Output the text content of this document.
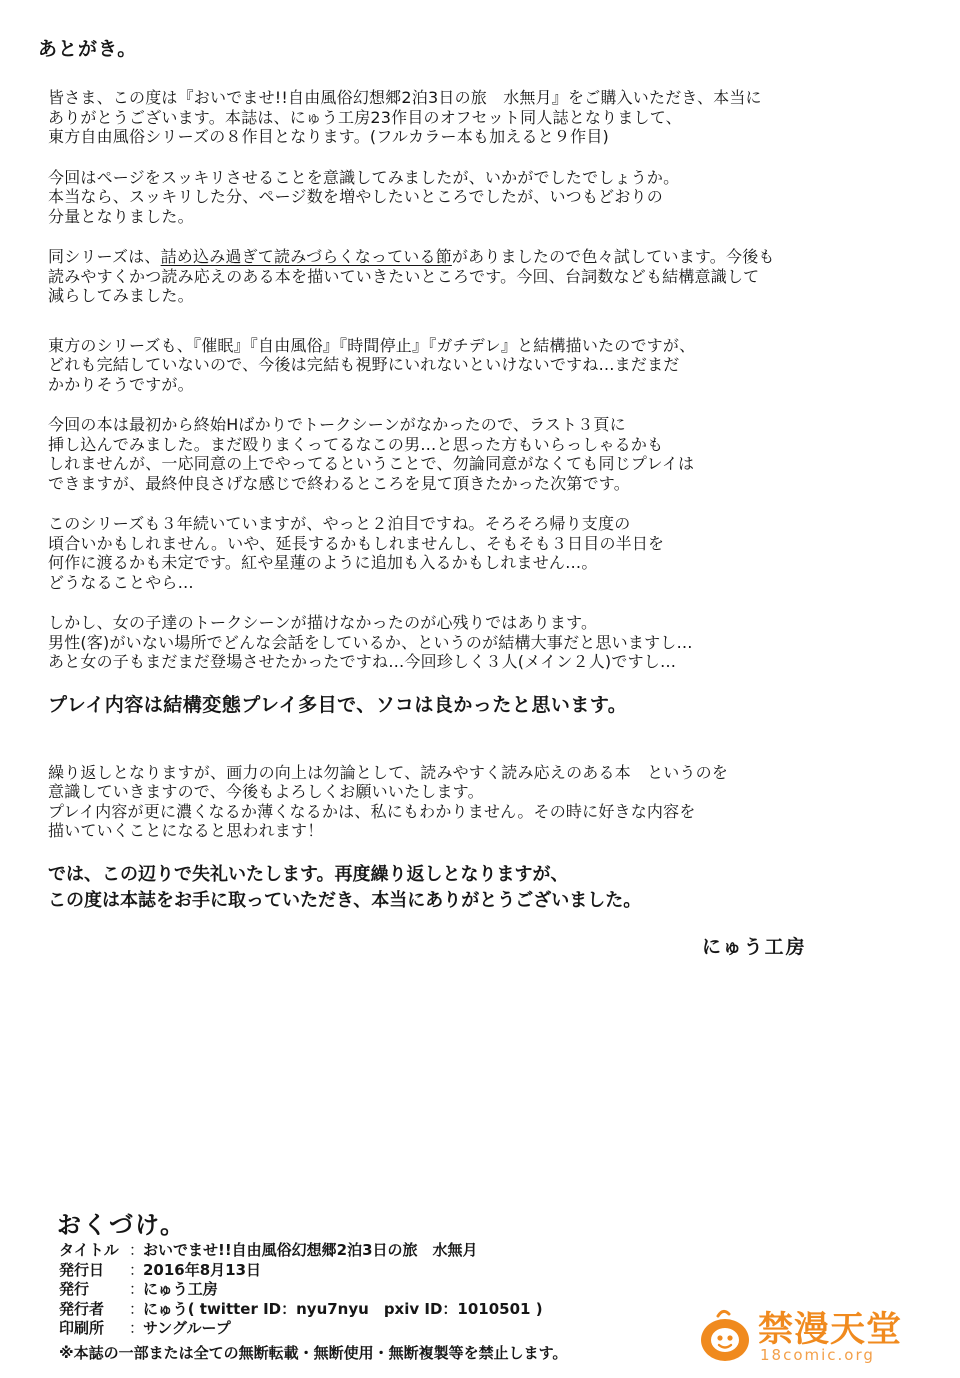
あとがき。

皆さま、この度は『おいでませ!!自由風俗幻想郷2泊3日の旅　水無月』をご購入いただき、本当に
ありがとうございます。本誌は、にゅう工房23作目のオフセット同人誌となりまして、
東方自由風俗シリーズの８作目となります。(フルカラー本も加えると９作目)

今回はページをスッキリさせることを意識してみましたが、いかがでしたでしょうか。
本当なら、スッキリした分、ページ数を増やしたいところでしたが、いつもどおりの
分量となりました。

同シリーズは、詰め込み過ぎて読みづらくなっている節がありましたので色々試しています。今後も
読みやすくかつ読み応えのある本を描いていきたいところです。今回、台詞数なども結構意識して
減らしてみました。

東方のシリーズも、『催眠』『自由風俗』『時間停止』『ガチデレ』と結構描いたのですが、
どれも完結していないので、今後は完結も視野にいれないといけないですね…まだまだ
かかりそうですが。

今回の本は最初から終始Hばかりでトークシーンがなかったので、ラスト３頁に
挿し込んでみました。まだ殴りまくってるなこの男…と思った方もいらっしゃるかも
しれませんが、一応同意の上でやってるということで、勿論同意がなくても同じプレイは
できますが、最終仲良さげな感じで終わるところを見て頂きたかった次第です。

このシリーズも３年続いていますが、やっと２泊目ですね。そろそろ帰り支度の
頃合いかもしれません。いや、延長するかもしれませんし、そもそも３日目の半日を
何作に渡るかも未定です。紅や星蓮のように追加も入るかもしれません…。
どうなることやら…

しかし、女の子達のトークシーンが描けなかったのが心残りではあります。
男性(客)がいない場所でどんな会話をしているか、というのが結構大事だと思いますし…
あと女の子もまだまだ登場させたかったですね…今回珍しく３人(メイン２人)ですし…

プレイ内容は結構変態プレイ多目で、ソコは良かったと思います。

繰り返しとなりますが、画力の向上は勿論として、読みやすく読み応えのある本　というのを
意識していきますので、今後もよろしくお願いいたします。
プレイ内容が更に濃くなるか薄くなるかは、私にもわかりません。その時に好きな内容を
描いていくことになると思われます！

では、この辺りで失礼いたします。再度繰り返しとなりますが、
この度は本誌をお手に取っていただき、本当にありがとうございました。

にゅう工房

おくづけ。
タイトル ：
おいでませ!!自由風俗幻想郷2泊3日の旅　水無月
発行日	：
2016年8月13日
発行	：
にゅう工房
発行者	：
にゅう( twitter ID：nyu7nyu　pxiv ID：1010501 )
印刷所	：
サングループ

※本誌の一部または全ての無断転載・無断使用・無断複製等を禁止します。

禁漫天堂
18comic.org
